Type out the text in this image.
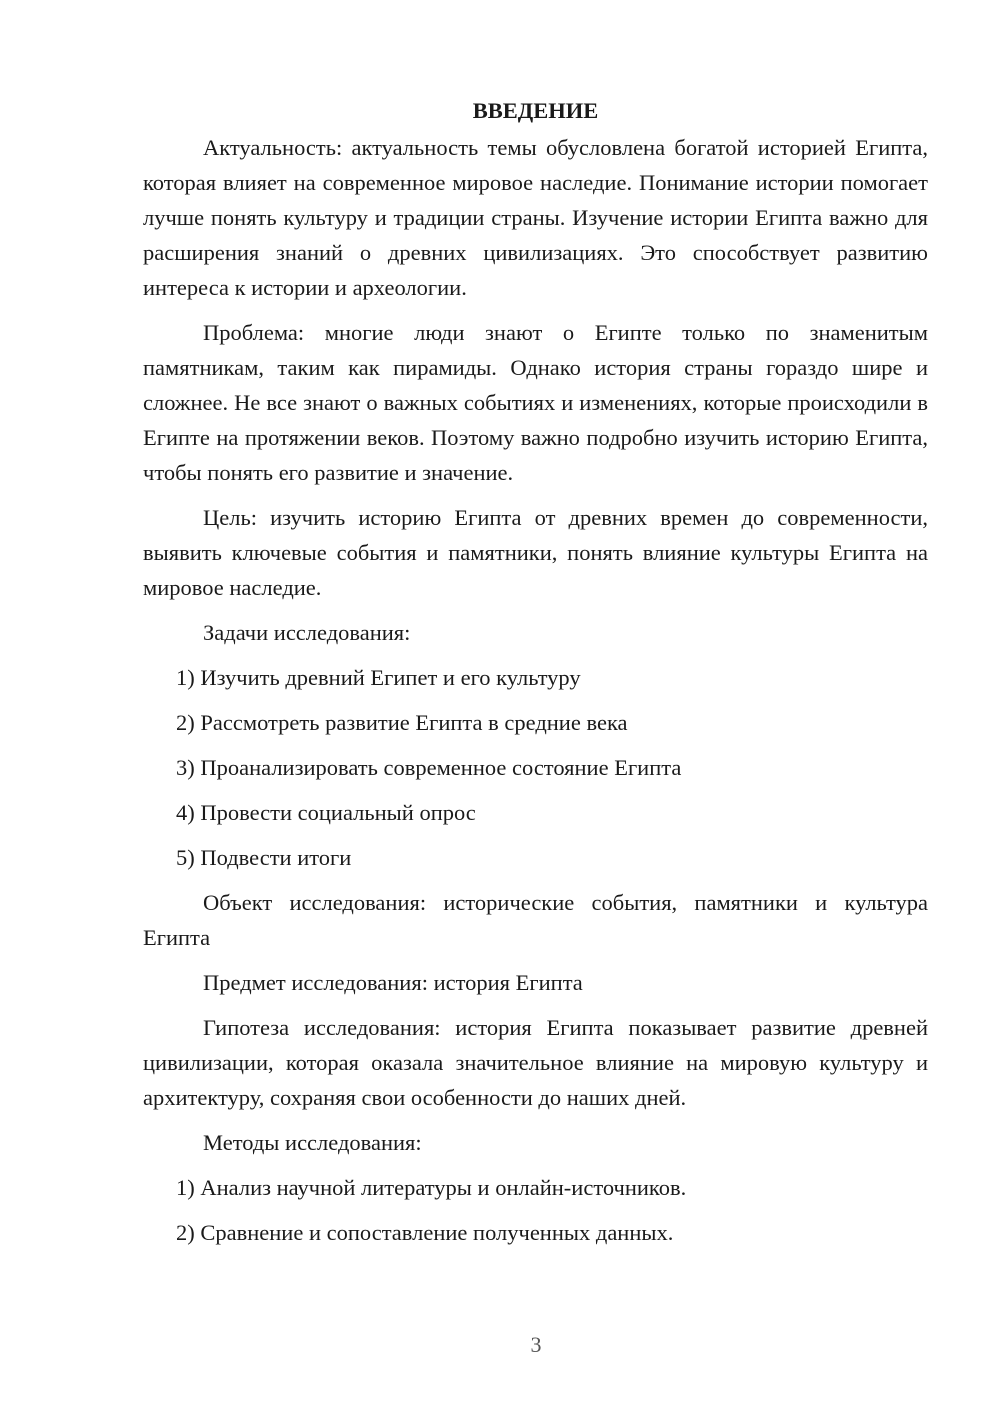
ВВЕДЕНИЕ

Актуальность: актуальность темы обусловлена богатой историей Египта, которая влияет на современное мировое наследие. Понимание истории помогает лучше понять культуру и традиции страны. Изучение истории Египта важно для расширения знаний о древних цивилизациях. Это способствует развитию интереса к истории и археологии.

Проблема: многие люди знают о Египте только по знаменитым памятникам, таким как пирамиды. Однако история страны гораздо шире и сложнее. Не все знают о важных событиях и изменениях, которые происходили в Египте на протяжении веков. Поэтому важно подробно изучить историю Египта, чтобы понять его развитие и значение.

Цель: изучить историю Египта от древних времен до современности, выявить ключевые события и памятники, понять влияние культуры Египта на мировое наследие.

Задачи исследования:

1) Изучить древний Египет и его культуру
2) Рассмотреть развитие Египта в средние века
3) Проанализировать современное состояние Египта
4) Провести социальный опрос
5) Подвести итоги

Объект исследования: исторические события, памятники и культура Египта

Предмет исследования: история Египта

Гипотеза исследования: история Египта показывает развитие древней цивилизации, которая оказала значительное влияние на мировую культуру и архитектуру, сохраняя свои особенности до наших дней.

Методы исследования:

1) Анализ научной литературы и онлайн-источников.
2) Сравнение и сопоставление полученных данных.
3
